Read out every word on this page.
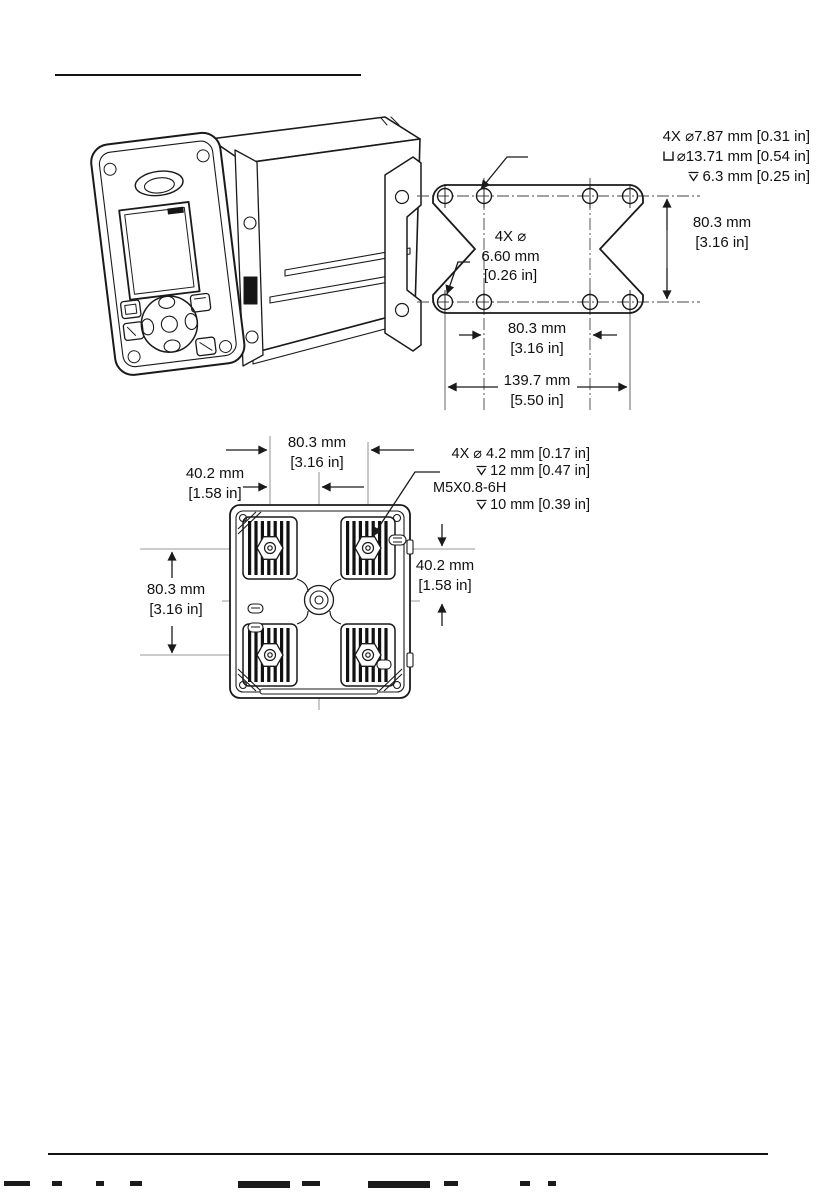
4X ⌀7.87 mm [0.31 in]
⌀13.71 mm [0.54 in]
6.3 mm [0.25 in]
4X ⌀
6.60 mm
[0.26 in]
80.3 mm
[3.16 in]
80.3 mm
[3.16 in]
139.7 mm
[5.50 in]
80.3 mm
[3.16 in]
40.2 mm
[1.58 in]
4X ⌀ 4.2 mm [0.17 in]
12 mm [0.47 in]
M5X0.8-6H
10 mm [0.39 in]
40.2 mm
[1.58 in]
80.3 mm
[3.16 in]
